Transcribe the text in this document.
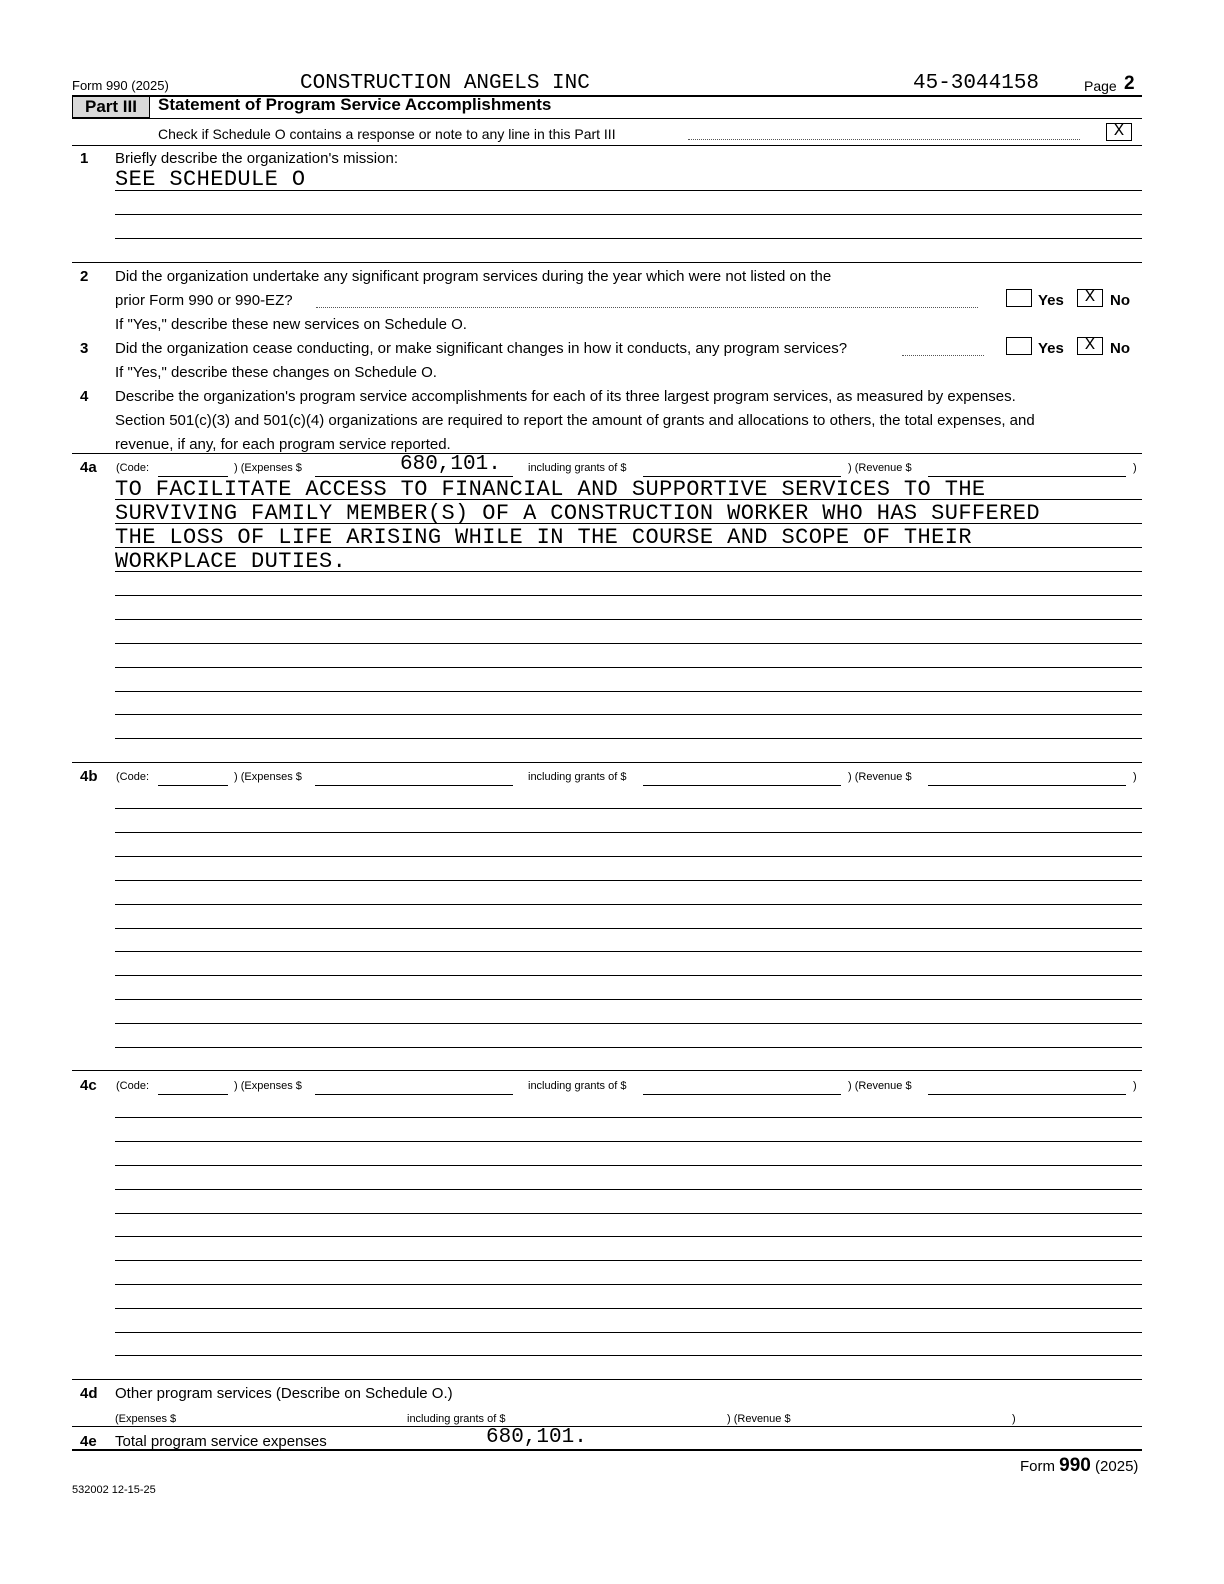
Form 990 (2025)	CONSTRUCTION ANGELS INC	45-3044158	Page 2
Part III	Statement of Program Service Accomplishments
Check if Schedule O contains a response or note to any line in this Part III	X
1 Briefly describe the organization's mission:
SEE SCHEDULE O
2 Did the organization undertake any significant program services during the year which were not listed on the
prior Form 990 or 990-EZ?	Yes	X No
If "Yes," describe these new services on Schedule O.
3 Did the organization cease conducting, or make significant changes in how it conducts, any program services?	Yes	X No
If "Yes," describe these changes on Schedule O.
4 Describe the organization's program service accomplishments for each of its three largest program services, as measured by expenses.
Section 501(c)(3) and 501(c)(4) organizations are required to report the amount of grants and allocations to others, the total expenses, and
revenue, if any, for each program service reported.
4a (Code:	) (Expenses $	680,101. including grants of $	) (Revenue $	)
TO FACILITATE ACCESS TO FINANCIAL AND SUPPORTIVE SERVICES TO THE
SURVIVING FAMILY MEMBER(S) OF A CONSTRUCTION WORKER WHO HAS SUFFERED
THE LOSS OF LIFE ARISING WHILE IN THE COURSE AND SCOPE OF THEIR
WORKPLACE DUTIES.
4b (Code:	) (Expenses $	including grants of $	) (Revenue $	)
4c (Code:	) (Expenses $	including grants of $	) (Revenue $	)
4d Other program services (Describe on Schedule O.)
(Expenses $	including grants of $	) (Revenue $	)
4e Total program service expenses	680,101.
Form 990 (2025)
532002 12-15-25
